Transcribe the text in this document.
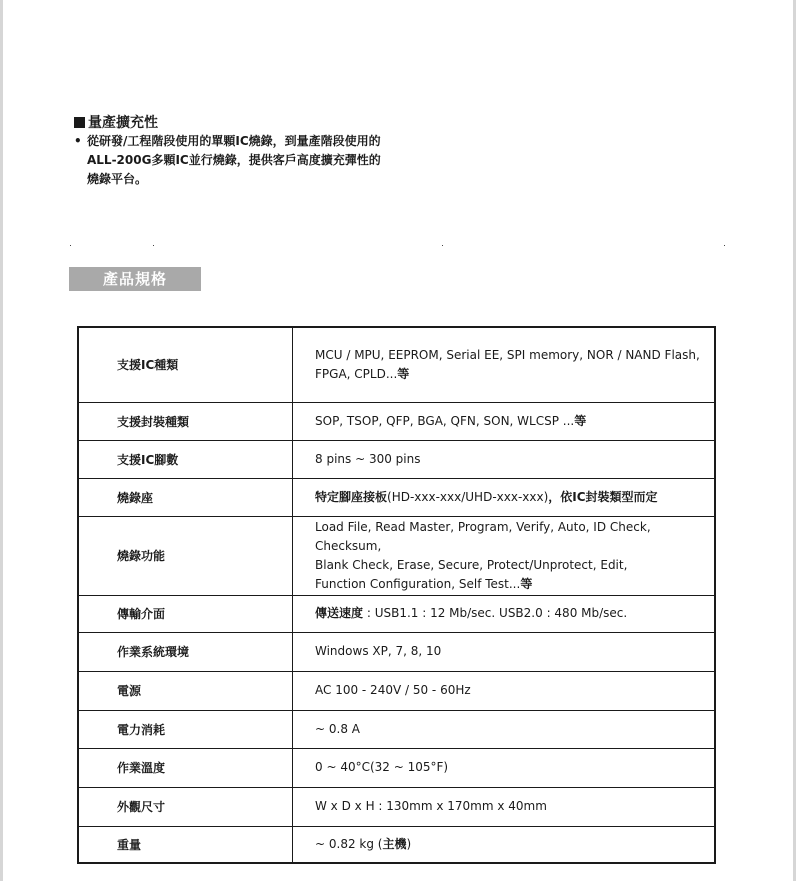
量產擴充性
• 從研發/工程階段使用的單顆IC燒錄，到量產階段使用的
ALL-200G多顆IC並行燒錄，提供客戶高度擴充彈性的
燒錄平台。
產品規格
支援IC種類	MCU / MPU, EEPROM, Serial EE, SPI memory, NOR / NAND Flash,
FPGA, CPLD...等

支援封裝種類	SOP, TSOP, QFP, BGA, QFN, SON, WLCSP ...等

支援IC腳數	8 pins ~ 300 pins

燒錄座	特定腳座接板(HD-xxx-xxx/UHD-xxx-xxx)，依IC封裝類型而定

燒錄功能	Load File, Read Master, Program, Verify, Auto, ID Check, Checksum,
Blank Check, Erase, Secure, Protect/Unprotect, Edit,
Function Configuration, Self Test...等

傳輸介面	傳送速度 : USB1.1 : 12 Mb/sec. USB2.0 : 480 Mb/sec.

作業系統環境	Windows XP, 7, 8, 10

電源	AC 100 - 240V / 50 - 60Hz

電力消耗	~ 0.8 A

作業溫度	0 ~ 40°C(32 ~ 105°F)

外觀尺寸	W x D x H : 130mm x 170mm x 40mm

重量	~ 0.82 kg (主機)
